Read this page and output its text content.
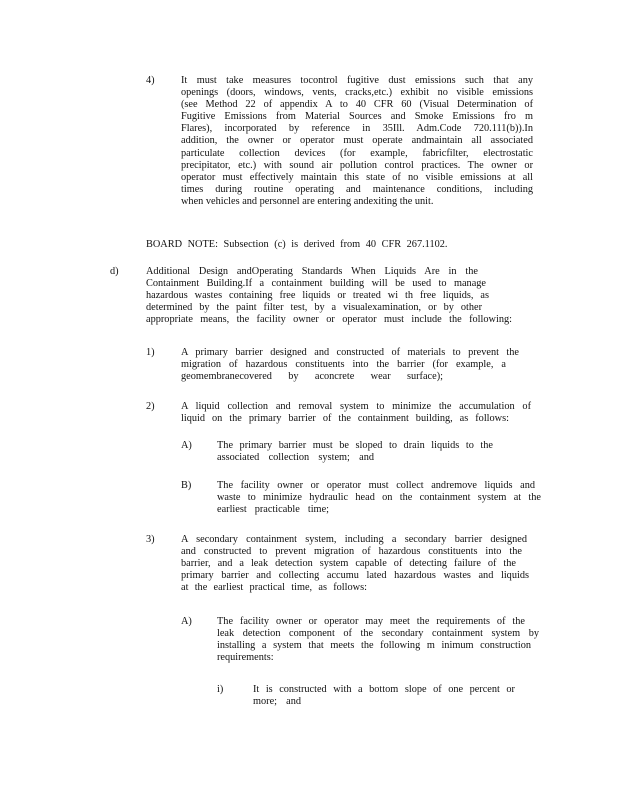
4)	It must take measures tocontrol fugitive dust emissions such that any
openings (doors, windows, vents, cracks,etc.) exhibit no visible emissions
(see Method 22 of appendix A to 40 CFR 60 (Visual Determination of
Fugitive Emissions from Material Sources and Smoke Emissions fro m
Flares), incorporated by reference in 35Ill. Adm.Code 720.111(b)).In
addition, the owner or operator must operate andmaintain all associated
particulate collection devices (for example, fabricfilter, electrostatic
precipitator, etc.) with sound air pollution control practices. The owner or
operator must effectively maintain this state of no visible emissions at all
times during routine operating and maintenance conditions, including
when vehicles and personnel are entering andexiting the unit.
BOARD NOTE: Subsection (c) is derived from 40 CFR 267.1102.
d)	Additional Design andOperating Standards When Liquids Are in the
Containment Building.If a containment building will be used to manage
hazardous wastes containing free liquids or treated wi th free liquids, as
determined by the paint filter test, by a visualexamination, or by other
appropriate means, the facility owner or operator must include the following:
1)	A primary barrier designed and constructed of materials to prevent the
migration of hazardous constituents into the barrier (for example, a
geomembranecovered by aconcrete wear surface);
2)	A liquid collection and removal system to minimize the accumulation of
liquid on the primary barrier of the containment building, as follows:
A) The primary barrier must be sloped to drain liquids to the
associated collection system; and
B) The facility owner or operator must collect andremove liquids and
waste to minimize hydraulic head on the containment system at the
earliest practicable time;
3)	A secondary containment system, including a secondary barrier designed
and constructed to prevent migration of hazardous constituents into the
barrier, and a leak detection system capable of detecting failure of the
primary barrier and collecting accumu lated hazardous wastes and liquids
at the earliest practical time, as follows:
A) The facility owner or operator may meet the requirements of the
leak detection component of the secondary containment system by
installing a system that meets the following m inimum construction
requirements:
i)	It is constructed with a bottom slope of one percent or
more; and
